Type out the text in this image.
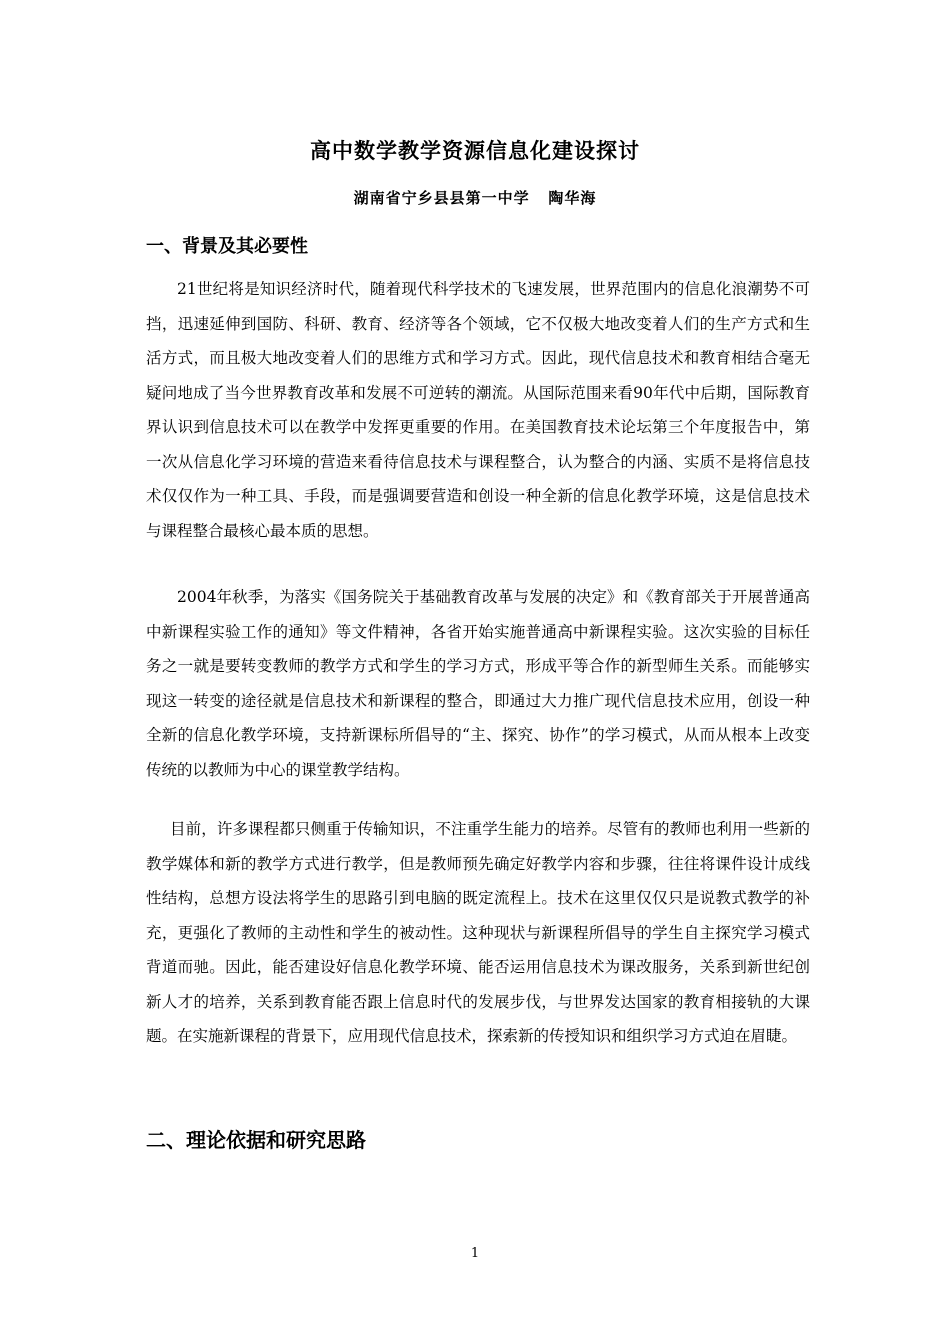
高中数学教学资源信息化建设探讨
湖南省宁乡县县第一中学   陶华海
一、背景及其必要性

21世纪将是知识经济时代，随着现代科学技术的飞速发展，世界范围内的信息化浪潮势不可挡，迅速延伸到国防、科研、教育、经济等各个领域，它不仅极大地改变着人们的生产方式和生活方式，而且极大地改变着人们的思维方式和学习方式。因此，现代信息技术和教育相结合毫无疑问地成了当今世界教育改革和发展不可逆转的潮流。从国际范围来看90年代中后期，国际教育界认识到信息技术可以在教学中发挥更重要的作用。在美国教育技术论坛第三个年度报告中，第一次从信息化学习环境的营造来看待信息技术与课程整合，认为整合的内涵、实质不是将信息技术仅仅作为一种工具、手段，而是强调要营造和创设一种全新的信息化教学环境，这是信息技术与课程整合最核心最本质的思想。

2004年秋季，为落实《国务院关于基础教育改革与发展的决定》和《教育部关于开展普通高中新课程实验工作的通知》等文件精神，各省开始实施普通高中新课程实验。这次实验的目标任务之一就是要转变教师的教学方式和学生的学习方式，形成平等合作的新型师生关系。而能够实现这一转变的途径就是信息技术和新课程的整合，即通过大力推广现代信息技术应用，创设一种全新的信息化教学环境，支持新课标所倡导的“主、探究、协作”的学习模式，从而从根本上改变传统的以教师为中心的课堂教学结构。

目前，许多课程都只侧重于传输知识，不注重学生能力的培养。尽管有的教师也利用一些新的教学媒体和新的教学方式进行教学，但是教师预先确定好教学内容和步骤，往往将课件设计成线性结构，总想方设法将学生的思路引到电脑的既定流程上。技术在这里仅仅只是说教式教学的补充，更强化了教师的主动性和学生的被动性。这种现状与新课程所倡导的学生自主探究学习模式背道而驰。因此，能否建设好信息化教学环境、能否运用信息技术为课改服务，关系到新世纪创新人才的培养，关系到教育能否跟上信息时代的发展步伐，与世界发达国家的教育相接轨的大课题。在实施新课程的背景下，应用现代信息技术，探索新的传授知识和组织学习方式迫在眉睫。

二、理论依据和研究思路
1
